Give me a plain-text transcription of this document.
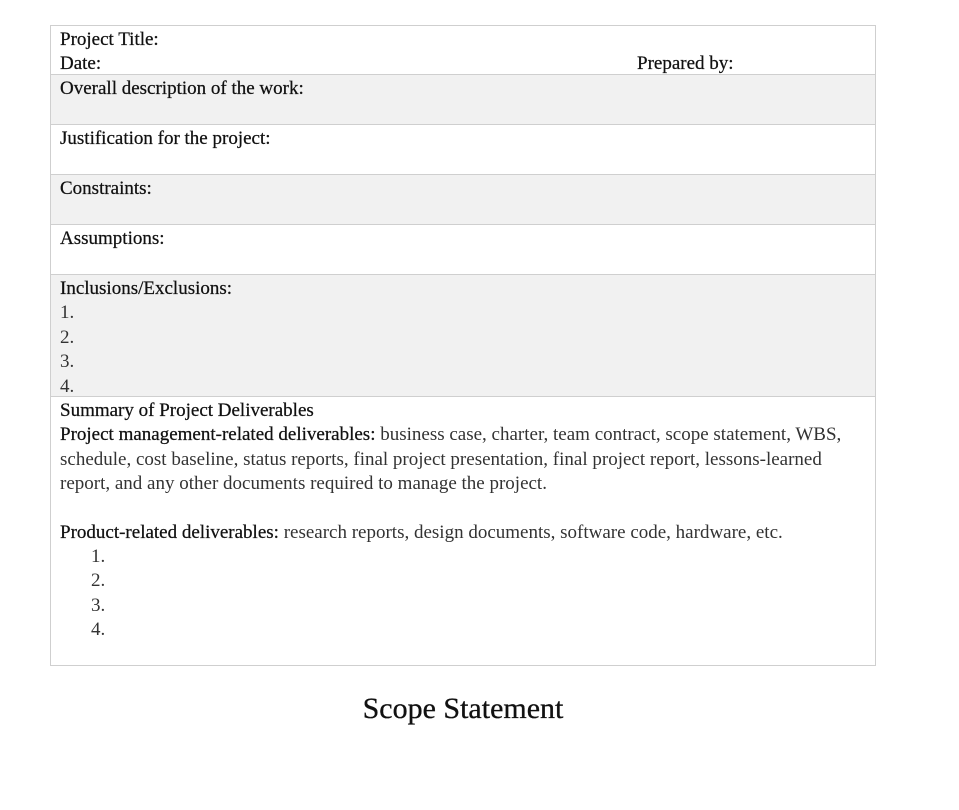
Project Title:
Date:	Prepared by:
Overall description of the work:
Justification for the project:
Constraints:
Assumptions:
Inclusions/Exclusions:
1.
2.
3.
4.
Summary of Project Deliverables
Project management-related deliverables: business case, charter, team contract, scope statement, WBS, schedule, cost baseline, status reports, final project presentation, final project report, lessons-learned report, and any other documents required to manage the project.
Product-related deliverables: research reports, design documents, software code, hardware, etc.
1.
2.
3.
4.
Scope Statement
